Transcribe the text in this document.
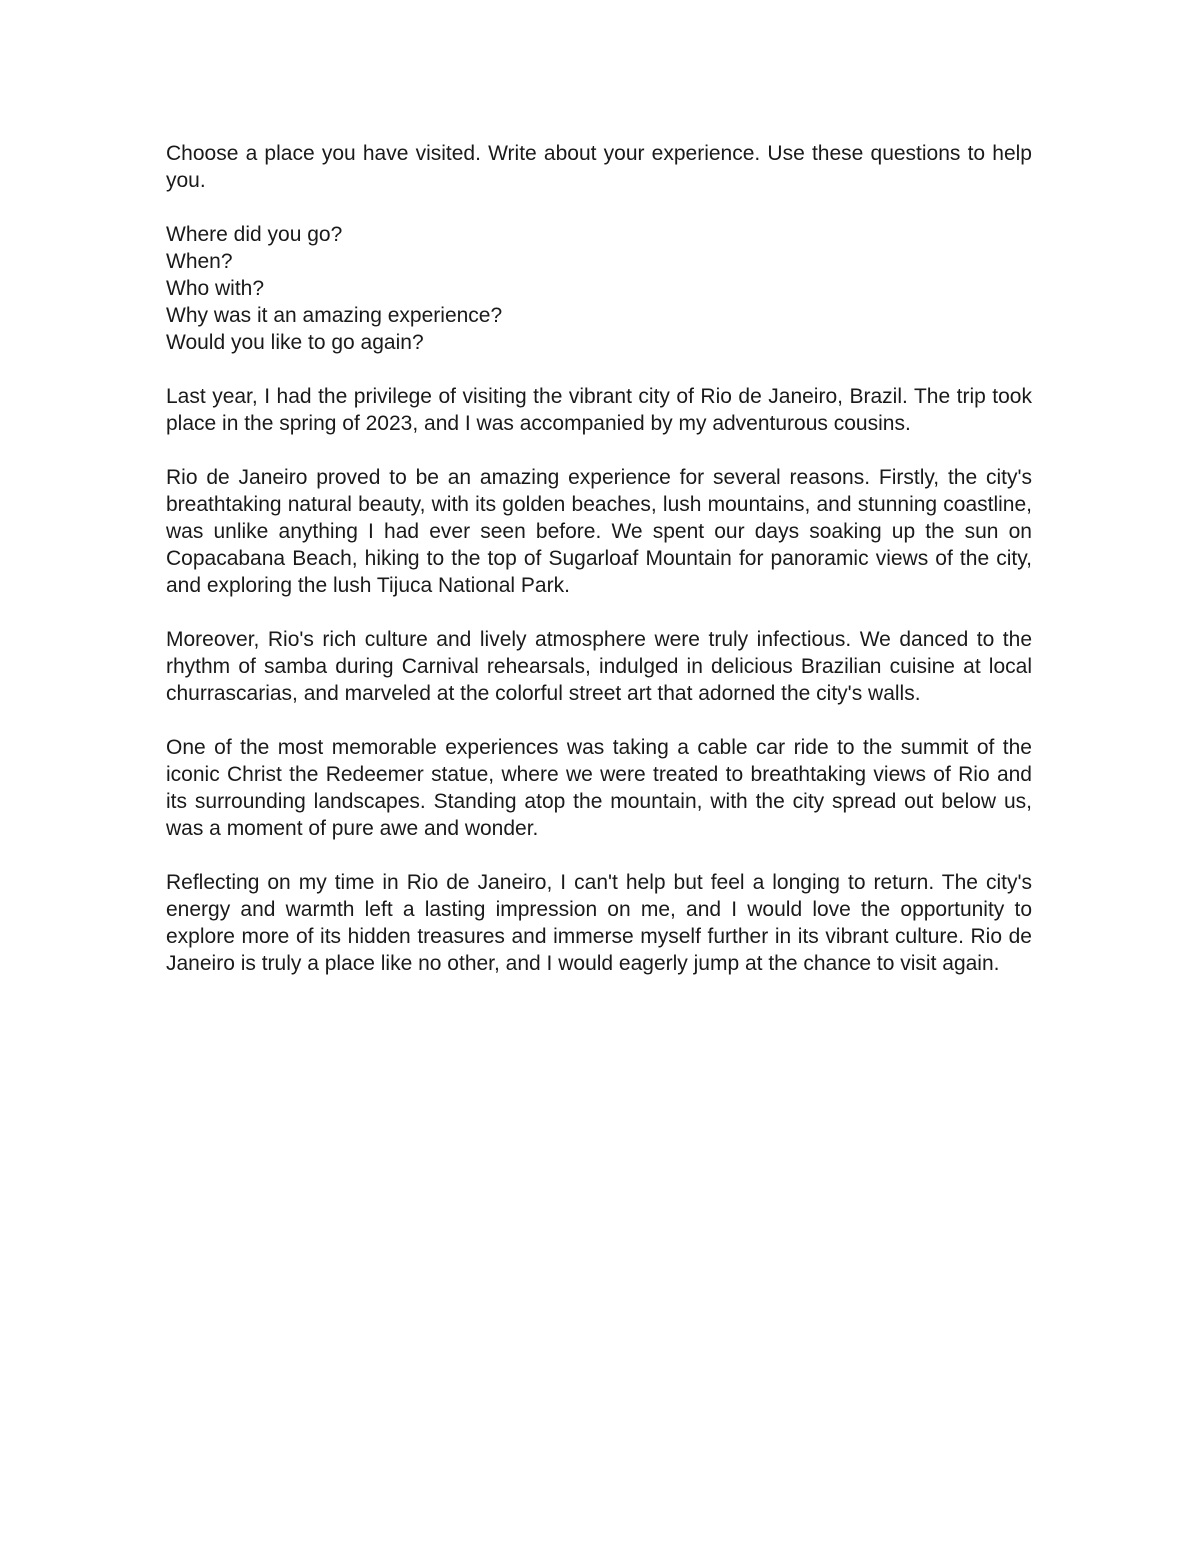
Choose a place you have visited. Write about your experience. Use these questions to help you.

Where did you go?
When?
Who with?
Why was it an amazing experience?
Would you like to go again?

Last year, I had the privilege of visiting the vibrant city of Rio de Janeiro, Brazil. The trip took place in the spring of 2023, and I was accompanied by my adventurous cousins.

Rio de Janeiro proved to be an amazing experience for several reasons. Firstly, the city's breathtaking natural beauty, with its golden beaches, lush mountains, and stunning coastline, was unlike anything I had ever seen before. We spent our days soaking up the sun on Copacabana Beach, hiking to the top of Sugarloaf Mountain for panoramic views of the city, and exploring the lush Tijuca National Park.

Moreover, Rio's rich culture and lively atmosphere were truly infectious. We danced to the rhythm of samba during Carnival rehearsals, indulged in delicious Brazilian cuisine at local churrascarias, and marveled at the colorful street art that adorned the city's walls.

One of the most memorable experiences was taking a cable car ride to the summit of the iconic Christ the Redeemer statue, where we were treated to breathtaking views of Rio and its surrounding landscapes. Standing atop the mountain, with the city spread out below us, was a moment of pure awe and wonder.

Reflecting on my time in Rio de Janeiro, I can't help but feel a longing to return. The city's energy and warmth left a lasting impression on me, and I would love the opportunity to explore more of its hidden treasures and immerse myself further in its vibrant culture. Rio de Janeiro is truly a place like no other, and I would eagerly jump at the chance to visit again.
